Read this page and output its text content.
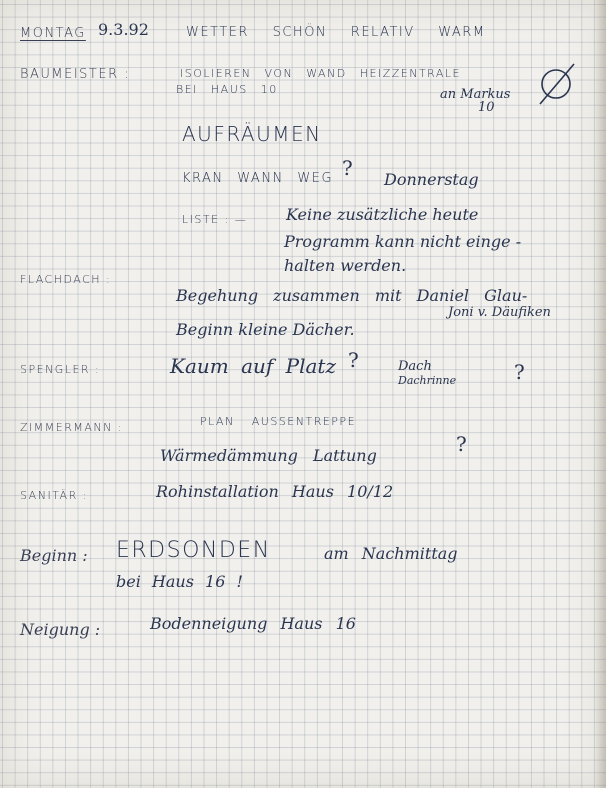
MONTAG 9.3.92	WETTER SCHÖN RELATIV WARM
BAUMEISTER :	ISOLIEREN VON WAND HEIZZENTRALE
BEI HAUS 10	an Markus
10
AUFRÄUMEN
KRAN WANN WEG ? Donnerstag
LISTE : — Keine zusätzliche heute
Programm kann nicht einge -
halten werden.
FLACHDACH :
Begehung zusammen mit Daniel Glau-
Joni v. Däufiken
Beginn kleine Dächer.
SPENGLER :	Kaum auf Platz ?	Dach
Dachrinne	?
ZIMMERMANN :	PLAN AUSSENTREPPE
Wärmedämmung Lattung	?
SANITÄR :	Rohinstallation Haus 10/12
Beginn : ERDSONDEN	am Nachmittag
bei Haus 16 !
Neigung :	Bodenneigung Haus 16
